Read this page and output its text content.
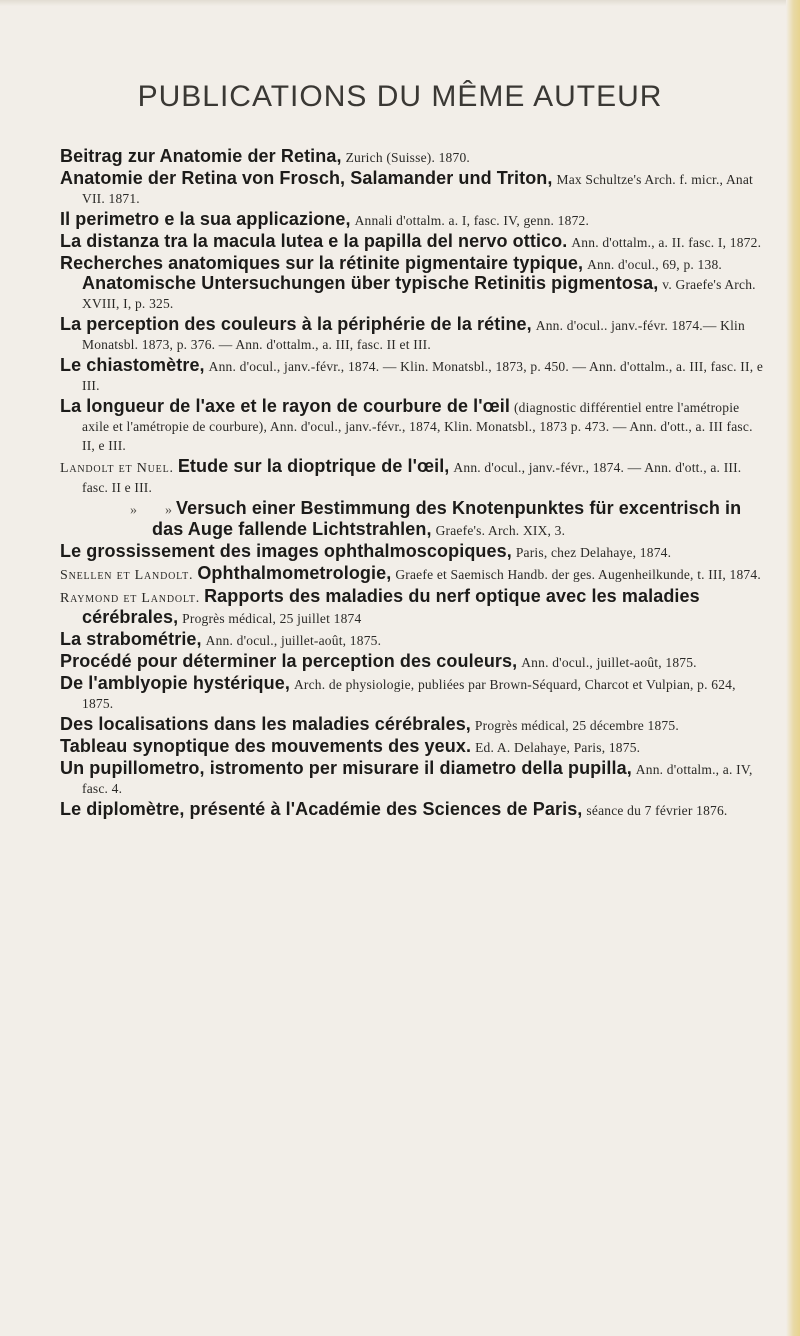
PUBLICATIONS DU MÊME AUTEUR
Beitrag zur Anatomie der Retina, Zurich (Suisse). 1870.
Anatomie der Retina von Frosch, Salamander und Triton, Max Schultze's Arch. f. micr., Anat VII. 1871.
Il perimetro e la sua applicazione, Annali d'ottalm. a. I, fasc. IV, genn. 1872.
La distanza tra la macula lutea e la papilla del nervo ottico. Ann. d'ottalm., a. II. fasc. I, 1872.
Recherches anatomiques sur la rétinite pigmentaire typique, Ann. d'ocul., 69, p. 138. Anatomische Untersuchungen über typische Retinitis pigmentosa, v. Graefe's Arch. XVIII, I, p. 325.
La perception des couleurs à la périphérie de la rétine, Ann. d'ocul.. janv.-févr. 1874.— Klin Monatsbl. 1873, p. 376. — Ann. d'ottalm., a. III, fasc. II et III.
Le chiastomètre, Ann. d'ocul., janv.-févr., 1874. — Klin. Monatsbl., 1873, p. 450. — Ann. d'ottalm., a. III, fasc. II, e III.
La longueur de l'axe et le rayon de courbure de l'œil (diagnostic différentiel entre l'amétropie axile et l'amétropie de courbure), Ann. d'ocul., janv.-févr., 1874, Klin. Monatsbl., 1873 p. 473. — Ann. d'ott., a. III fasc. II, e III.
Landolt et Nuel. Etude sur la dioptrique de l'œil, Ann. d'ocul., janv.-févr., 1874. — Ann. d'ott., a. III. fasc. II e III.
» » Versuch einer Bestimmung des Knotenpunktes für excentrisch in das Auge fallende Lichtstrahlen, Graefe's. Arch. XIX, 3.
Le grossissement des images ophthalmoscopiques, Paris, chez Delahaye, 1874.
Snellen et Landolt. Ophthalmometrologie, Graefe et Saemisch Handb. der ges. Augenheilkunde, t. III, 1874.
Raymond et Landolt. Rapports des maladies du nerf optique avec les maladies cérébrales, Progrès médical, 25 juillet 1874
La strabométrie, Ann. d'ocul., juillet-août, 1875.
Procédé pour déterminer la perception des couleurs, Ann. d'ocul., juillet-août, 1875.
De l'amblyopie hystérique, Arch. de physiologie, publiées par Brown-Séquard, Charcot et Vulpian, p. 624, 1875.
Des localisations dans les maladies cérébrales, Progrès médical, 25 décembre 1875.
Tableau synoptique des mouvements des yeux. Ed. A. Delahaye, Paris, 1875.
Un pupillometro, istromento per misurare il diametro della pupilla, Ann. d'ottalm., a. IV, fasc. 4.
Le diplomètre, présenté à l'Académie des Sciences de Paris, séance du 7 février 1876.
